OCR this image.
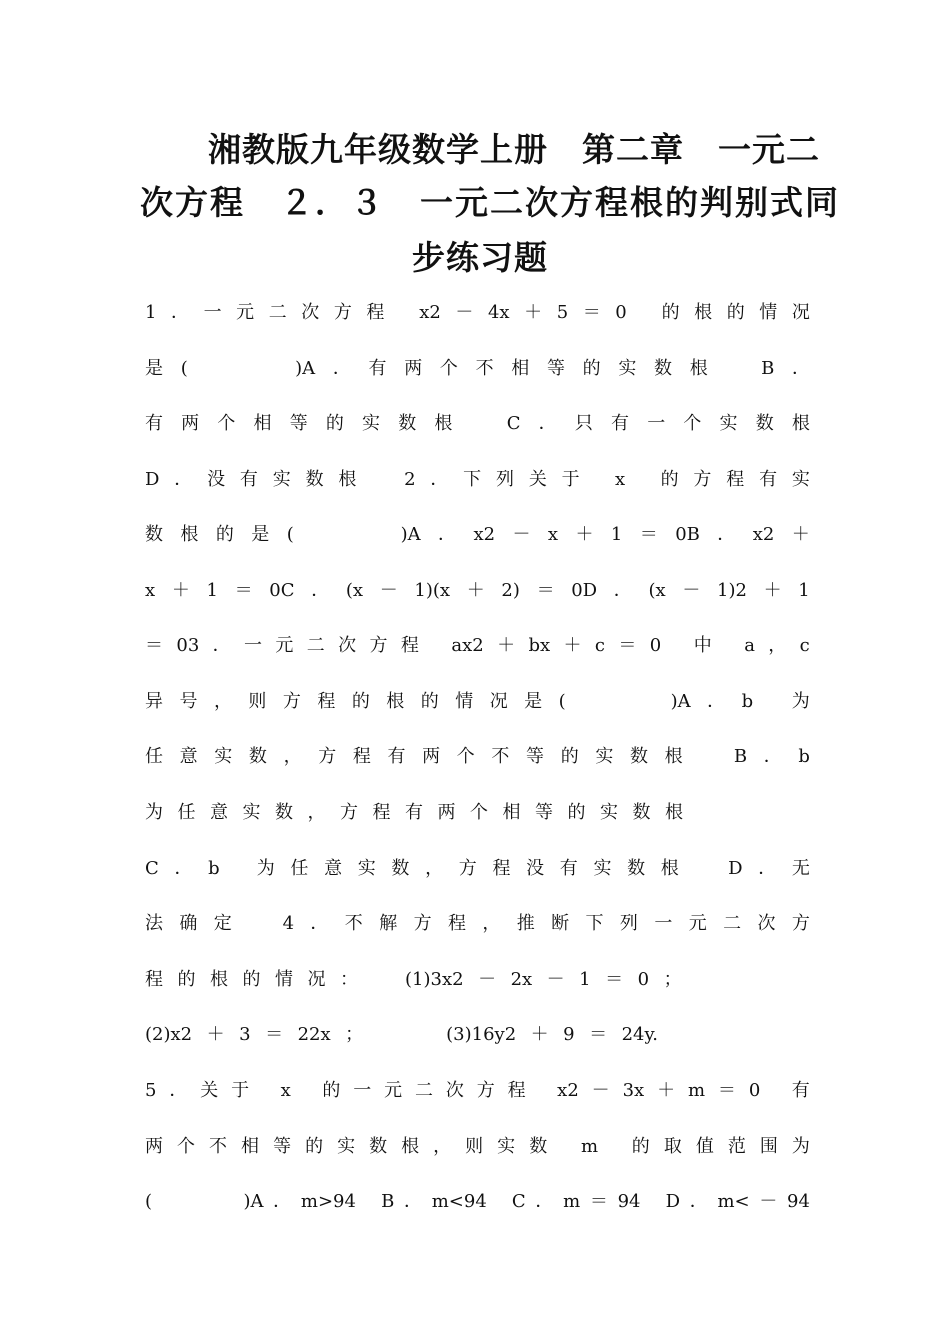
湘教版九年级数学上册　第二章　一元二
次方程　２．３　一元二次方程根的判别式同
步练习题
1 ． 一 元 二 次 方 程
x2 － 4x ＋ 5 ＝ 0
的 根 的 情 况
是 (
　　　　	)A ． 有 两 个 不 相 等 的 实 数 根
　	B ．
有 两 个 相 等 的 实 数 根
　	C ． 只 有 一 个 实 数 根
D ． 没 有 实 数 根
　	2 ． 下 列 关 于
x
的 方 程 有 实
数 根 的 是 (
　　　　	)A ． x2 － x ＋ 1 ＝ 0B ． x2 ＋
x ＋ 1 ＝ 0C ． (x － 1)(x ＋ 2) ＝ 0D ． (x － 1)2 ＋ 1
＝ 03 ． 一 元 二 次 方 程
ax2 ＋ bx ＋ c ＝ 0
中
a ， c
异 号 ， 则 方 程 的 根 的 情 况 是 (
　　　　	)A ． b
为
任 意 实 数 ， 方 程 有 两 个 不 等 的 实 数 根
　	B ． b
为 任 意 实 数 ， 方 程 有 两 个 相 等 的 实 数 根
C ． b
为 任 意 实 数 ， 方 程 没 有 实 数 根
　	D ． 无
法 确 定
　	4 ． 不 解 方 程 ， 推 断 下 列 一 元 二 次 方
程 的 根 的 情 况 ：
　	(1)3x2 － 2x － 1 ＝ 0 ；
(2)x2 ＋ 3 ＝ 22x ；
　　　	(3)16y2 ＋ 9 ＝ 24y.
5 ． 关 于
x
的 一 元 二 次 方 程
x2 － 3x ＋ m ＝ 0
有
两 个 不 相 等 的 实 数 根 ， 则 实 数
m
的 取 值 范 围 为
(
　　　　	)A ． m>94
B ． m<94
C ． m ＝ 94
D ． m< － 94
